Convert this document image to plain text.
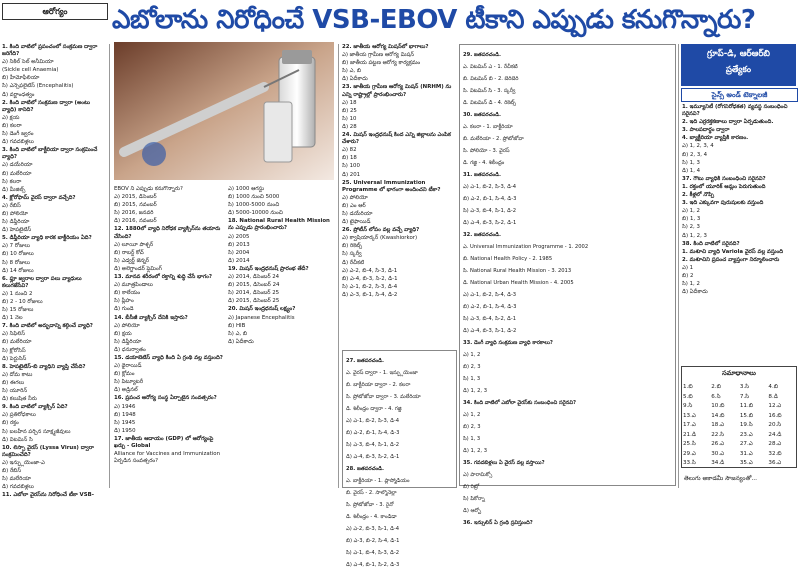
ఆరోగ్యం	ఎబోలాను నిరోధించే VSB-EBOV టీకాని ఎప్పుడు కనుగొన్నారు?

1. కింది వాటిలో ప్రపంచంలో సంక్రమణ ద్వారా జరిగేది?

ఎ) సికిల్‌ సెల్‌ అనీమియా

(Sickle cell Anaemia)

బి) హీమోఫీలియా

సి) ఎన్సెఫలైటిస్‌ (Encephalitis)

డి) వర్ణాంధత్వం

2. కింది వాటిలో సంక్రమణ ద్వారా (అంటు వ్యాధి) కానిది?

ఎ) క్షయ

బి) కలరా

సి) డెంగీ జ్వరం

డి) గవదబిళ్లలు

3. కింది వాటిలో బాక్టీరియా ద్వారా సంక్రమించే వ్యాధి?

ఎ) డయేరియా

బి) మలేరియా

సి) కలరా

డి) మీజిల్స్‌

4. క్లోరోఫామ్‌ వైరస్‌ ద్వారా వచ్చేది?

ఎ) రేబిస్‌

బి) పోలియో

సి) డిఫ్తీరియా

డి) హెపటైటిస్‌

5. డిఫ్తీరియా వ్యాధి కారక బాక్టీరియం ఏది?

ఎ) 7 రోజులు

బి) 10 రోజులు

సి) 8 రోజులు

డి) 14 రోజులు

6. ఫ్లూ జ్వరాల ద్వారా పలు వ్యాధులు కలుగజేసేవి?

ఎ) 1 నుంచి 2

బి) 2 - 10 రోజులు

సి) 15 రోజులు

డి) 1 నెల

7. కింది వాటిలో అర్బుదాన్ని కల్గించే వ్యాధి?

ఎ) సిఫిలిస్‌

బి) మలేరియా

సి) క్లోరోసిస్‌

డి) పెర్టుసిస్‌

8. హెపటైటిస్‌-బి వ్యాధిని వ్యాప్తి చేసేది?

ఎ) దోమ కాటు

బి) ఈగలు

సి) యూరిన్‌

డి) కలుషిత నీరు

9. కింది వాటిలో వ్యాక్సిన్‌ ఏది?

ఎ) ప్రతిరోధకాలు

బి) రక్తం

సి) బలహీన పర్చిన సూక్ష్మజీవులు

డి) విటమిన్‌ సి

10. లిస్సా వైరస్‌ (Lyssa Virus) ద్వారా సంక్రమించేది?

ఎ) ఇన్ఫ్లుయెంజా-ఎ

బి) రేబిస్‌

సి) మలేరియా

డి) గవదబిళ్లలు

11. ఎబోలా వైరస్‌ను నిరోధించే టీకా VSB-

EBOV ని ఎప్పుడు కనుగొన్నారు?

ఎ) 2015, డిసెంబర్‌

బి) 2015, నవంబర్‌

సి) 2016, జనవరి

డి) 2016, నవంబర్‌

12. 1880లో వ్యాధి నిరోధక వ్యాక్సిన్‌ను తయారు చేసింది?

ఎ) లూయీ పాశ్చర్‌

బి) రాబర్ట్‌ కోచ్‌

సి) ఎడ్వర్డ్‌ జెన్నర్‌

డి) అలెగ్జాండర్‌ ఫ్లెమింగ్‌

13. మానవ శరీరంలో రక్తాన్ని శుద్ధి చేసే భాగం?

ఎ) మూత్రపిండాలు

బి) కాలేయం

సి) ప్లీహం

డి) గుండె

14. బీసీజీ వ్యాక్సిన్‌ దేనికి ఇస్తారు?

ఎ) పోలియో

బి) క్షయ

సి) డిఫ్తీరియా

డి) ధనుర్వాతం

15. డయాబెటిస్‌ వ్యాధి కింది ఏ గ్రంథి వల్ల వస్తుంది?

ఎ) థైరాయిడ్‌

బి) క్లోమం

సి) పిట్యూటరీ

డి) అడ్రినల్‌

16. ప్రపంచ ఆరోగ్య సంస్థ ఏర్పాటైన సంవత్సరం?

ఎ) 1946

బి) 1948

సి) 1945

డి) 1950

17. జాతీయ ఆదాయం (GDP) లో ఆరోగ్యంపై ఖర్చు - Global

Alliance for Vaccines and Immunization ఏర్పడిన సంవత్సరం?

ఎ) 1000 ఆగస్టు

బి) 1000 నుంచి 5000

సి) 1000-5000 నుంచి

డి) 5000-10000 నుంచి

18. National Rural Health Mission ను ఎప్పుడు ప్రారంభించారు?

ఎ) 2005

బి) 2013

సి) 2004

డి) 2014

19. మిషన్‌ ఇంద్రధనుష్‌ ప్రారంభ తేదీ?

ఎ) 2014, డిసెంబర్‌ 24

బి) 2015, డిసెంబర్‌ 24

సి) 2014, డిసెంబర్‌ 25

డి) 2015, డిసెంబర్‌ 25

20. మిషన్‌ ఇంద్రధనుష్‌ లక్ష్యం?

ఎ) Japanese Encephalitis

బి) HIB

సి) ఎ, బి

డి) ఏదీకాదు

22. జాతీయ ఆరోగ్య మిషన్‌లో భాగాలు?

ఎ) జాతీయ గ్రామీణ ఆరోగ్య మిషన్‌

బి) జాతీయ పట్టణ ఆరోగ్య కార్యక్రమం

సి) ఎ, బి

డి) ఏదీకాదు

23. జాతీయ గ్రామీణ ఆరోగ్య మిషన్‌ (NRHM) ను ఎన్ని రాష్ట్రాల్లో ప్రారంభించారు?

ఎ) 18

బి) 25

సి) 10

డి) 28

24. మిషన్‌ ఇంద్రధనుష్‌ కింద ఎన్ని జిల్లాలను ఎంపిక చేశారు?

ఎ) 82

బి) 18

సి) 100

డి) 201

25. Universal Immunization Programme లో భాగంగా అందించని టీకా?

ఎ) పోలియో

బి) ఎం ఆర్‌

సి) డయేరియా

డి) టైఫాయిడ్‌

26. ప్రోటీన్‌ లోపం వల్ల వచ్చే వ్యాధి?

ఎ) క్వాషియార్కర్‌ (Kwashiorkor)

బి) రికెట్స్‌

సి) స్కర్వీ

డి) రేచీకటి

ఎ) ఎ-2, బి-4, సి-3, డి-1

బి) ఎ-4, బి-3, సి-2, డి-1

సి) ఎ-1, బి-2, సి-3, డి-4

డి) ఎ-3, బి-1, సి-4, డి-2

27. జతపరచండి.

ఎ. వైరస్‌ ద్వారా - 1. ఇన్ఫ్లుయెంజా

బి. బాక్టీరియా ద్వారా - 2. కలరా

సి. ప్రోటోజోవా ద్వారా - 3. మలేరియా

డి. శిలీంధ్రం ద్వారా - 4. గజ్జి

ఎ) ఎ-1, బి-2, సి-3, డి-4

బి) ఎ-2, బి-1, సి-4, డి-3

సి) ఎ-3, బి-4, సి-1, డి-2

డి) ఎ-4, బి-3, సి-2, డి-1

28. జతపరచండి.

ఎ. బాక్టీరియా - 1. ప్లాస్మోడియం

బి. వైరస్‌ - 2. సాల్మొనెల్లా

సి. ప్రోటోజోవా - 3. రైనో

డి. శిలీంధ్రం - 4. కాండిడా

ఎ) ఎ-2, బి-3, సి-1, డి-4

బి) ఎ-3, బి-2, సి-4, డి-1

సి) ఎ-1, బి-4, సి-3, డి-2

డి) ఎ-4, బి-1, సి-2, డి-3

29. జతపరచండి.

ఎ. విటమిన్‌ ఎ - 1. రేచీకటి

బి. విటమిన్‌ బి - 2. బెరిబెరి

సి. విటమిన్‌ సి - 3. స్కర్వీ

డి. విటమిన్‌ డి - 4. రికెట్స్‌

30. జతపరచండి.

ఎ. కలరా - 1. బాక్టీరియా

బి. మలేరియా - 2. ప్రోటోజోవా

సి. పోలియో - 3. వైరస్‌

డి. గజ్జి - 4. శిలీంధ్రం

31. జతపరచండి.

ఎ) ఎ-1, బి-2, సి-3, డి-4

బి) ఎ-2, బి-1, సి-4, డి-3

సి) ఎ-3, బి-4, సి-1, డి-2

డి) ఎ-4, బి-3, సి-2, డి-1

32. జతపరచండి.

ఎ. Universal Immunization Programme - 1. 2002

బి. National Health Policy - 2. 1985

సి. National Rural Health Mission - 3. 2013

డి. National Urban Health Mission - 4. 2005

ఎ) ఎ-1, బి-2, సి-4, డి-3

బి) ఎ-2, బి-1, సి-4, డి-3

సి) ఎ-3, బి-4, సి-2, డి-1

డి) ఎ-4, బి-3, సి-1, డి-2

33. డెంగీ వ్యాధి సంక్రమణ వ్యాధి కారకాలు?

ఎ) 1, 2

బి) 2, 3

సి) 1, 3

డి) 1, 2, 3

34. కింది వాటిలో ఎబోలా వైరస్‌కు సంబంధించి సరైనవి?

ఎ) 1, 2

బి) 2, 3

సి) 1, 3

డి) 1, 2, 3

35. గవదబిళ్లలు ఏ వైరస్‌ వల్ల వస్తాయి?

ఎ) పారామిక్సో

బి) రిట్రో

సి) పికోర్నా

డి) ఆర్బో

36. ఇన్సులిన్‌ ఏ గ్రంథి స్రవిస్తుంది?

గ్రూప్‌-డి, ఆర్‌ఆర్‌బి
ప్రత్యేకం
సైన్స్‌ అండ్‌ టెక్నాలజీ

1. ఇమ్యూనిటీ (రోగనిరోధకత) వ్యవస్థ సంబంధించి సరైనవి?

2. ఇది ఎర్రరక్తకణాలు ద్వారా ఏర్పడుతుంది.

3. పాలపదార్థం ద్వారా

4. బ్యాక్టీరియా వ్యాప్తికి కారణం.

ఎ) 1, 2, 3, 4

బి) 2, 3, 4

సి) 1, 3

డి) 1, 4

37. గౌటు వ్యాధికి సంబంధించి సరైనవి?

1. రక్తంలో యూరిక్‌ ఆమ్లం పెరుగుతుంది

2. కీళ్లలో నొప్పి

3. ఇది ఎక్కువగా పురుషులకు వస్తుంది

ఎ) 1, 2

బి) 1, 3

సి) 2, 3

డి) 1, 2, 3

38. కింది వాటిలో సరైనది?

1. మశూచి వ్యాధి Variola వైరస్‌ వల్ల వస్తుంది

2. మశూచిని ప్రపంచ వ్యాప్తంగా నిర్మూలించారు

ఎ) 1

బి) 2

సి) 1, 2

డి) ఏదీకాదు

సమాధానాలు
1.బి	2.బి	3.సి	4.బి
5.బి	6.సి	7.సి	8.డి
9.సి	10.బి	11.బి	12.ఎ
13.ఎ	14.బి	15.బి	16.బి
17.ఎ	18.ఎ	19.సి	20.సి
21.డి	22.సి	23.ఎ	24.డి
25.సి	26.ఎ	27.ఎ	28.ఎ
29.ఎ	30.ఎ	31.ఎ	32.బి
33.సి	34.డి	35.ఎ	36.ఎ
తెలుగు అకాడమీ సౌజన్యంతో...
